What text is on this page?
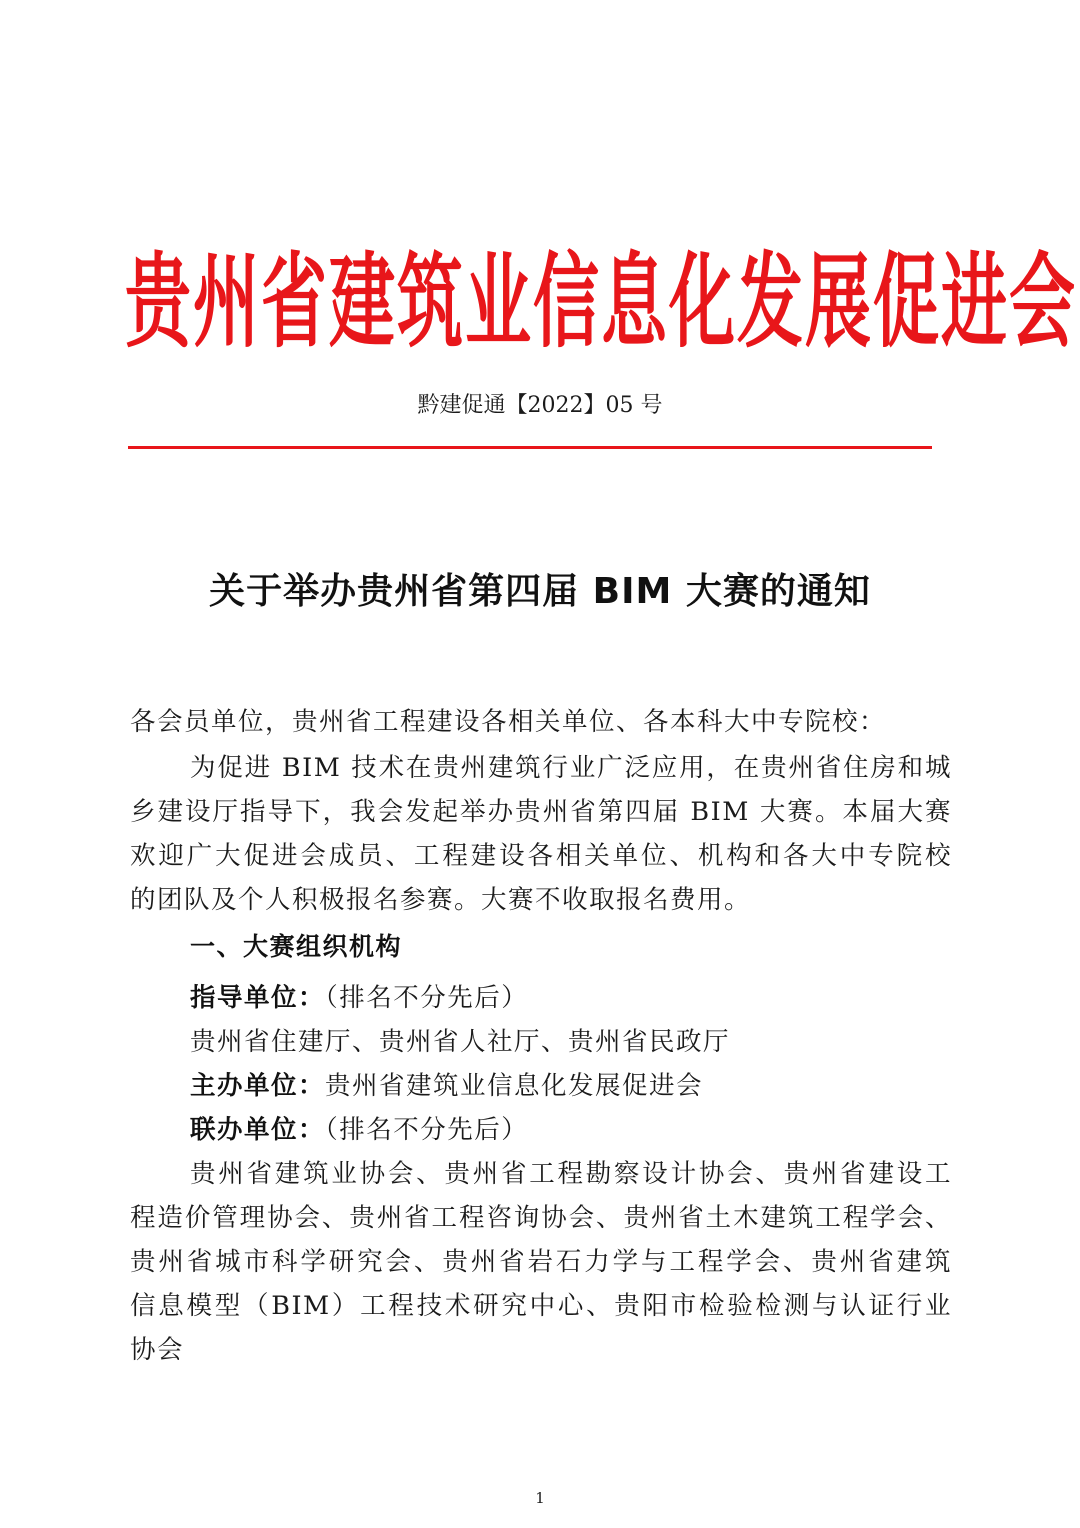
贵州省建筑业信息化发展促进会
黔建促通【2022】05 号
关于举办贵州省第四届 BIM 大赛的通知
各会员单位，贵州省工程建设各相关单位、各本科大中专院校：
为促进 BIM 技术在贵州建筑行业广泛应用，在贵州省住房和城
乡建设厅指导下，我会发起举办贵州省第四届 BIM 大赛。本届大赛
欢迎广大促进会成员、工程建设各相关单位、机构和各大中专院校
的团队及个人积极报名参赛。大赛不收取报名费用。
一、大赛组织机构
指导单位：（排名不分先后）
贵州省住建厅、贵州省人社厅、贵州省民政厅
主办单位：贵州省建筑业信息化发展促进会
联办单位：（排名不分先后）
贵州省建筑业协会、贵州省工程勘察设计协会、贵州省建设工
程造价管理协会、贵州省工程咨询协会、贵州省土木建筑工程学会、
贵州省城市科学研究会、贵州省岩石力学与工程学会、贵州省建筑
信息模型（BIM）工程技术研究中心、贵阳市检验检测与认证行业
协会
1
